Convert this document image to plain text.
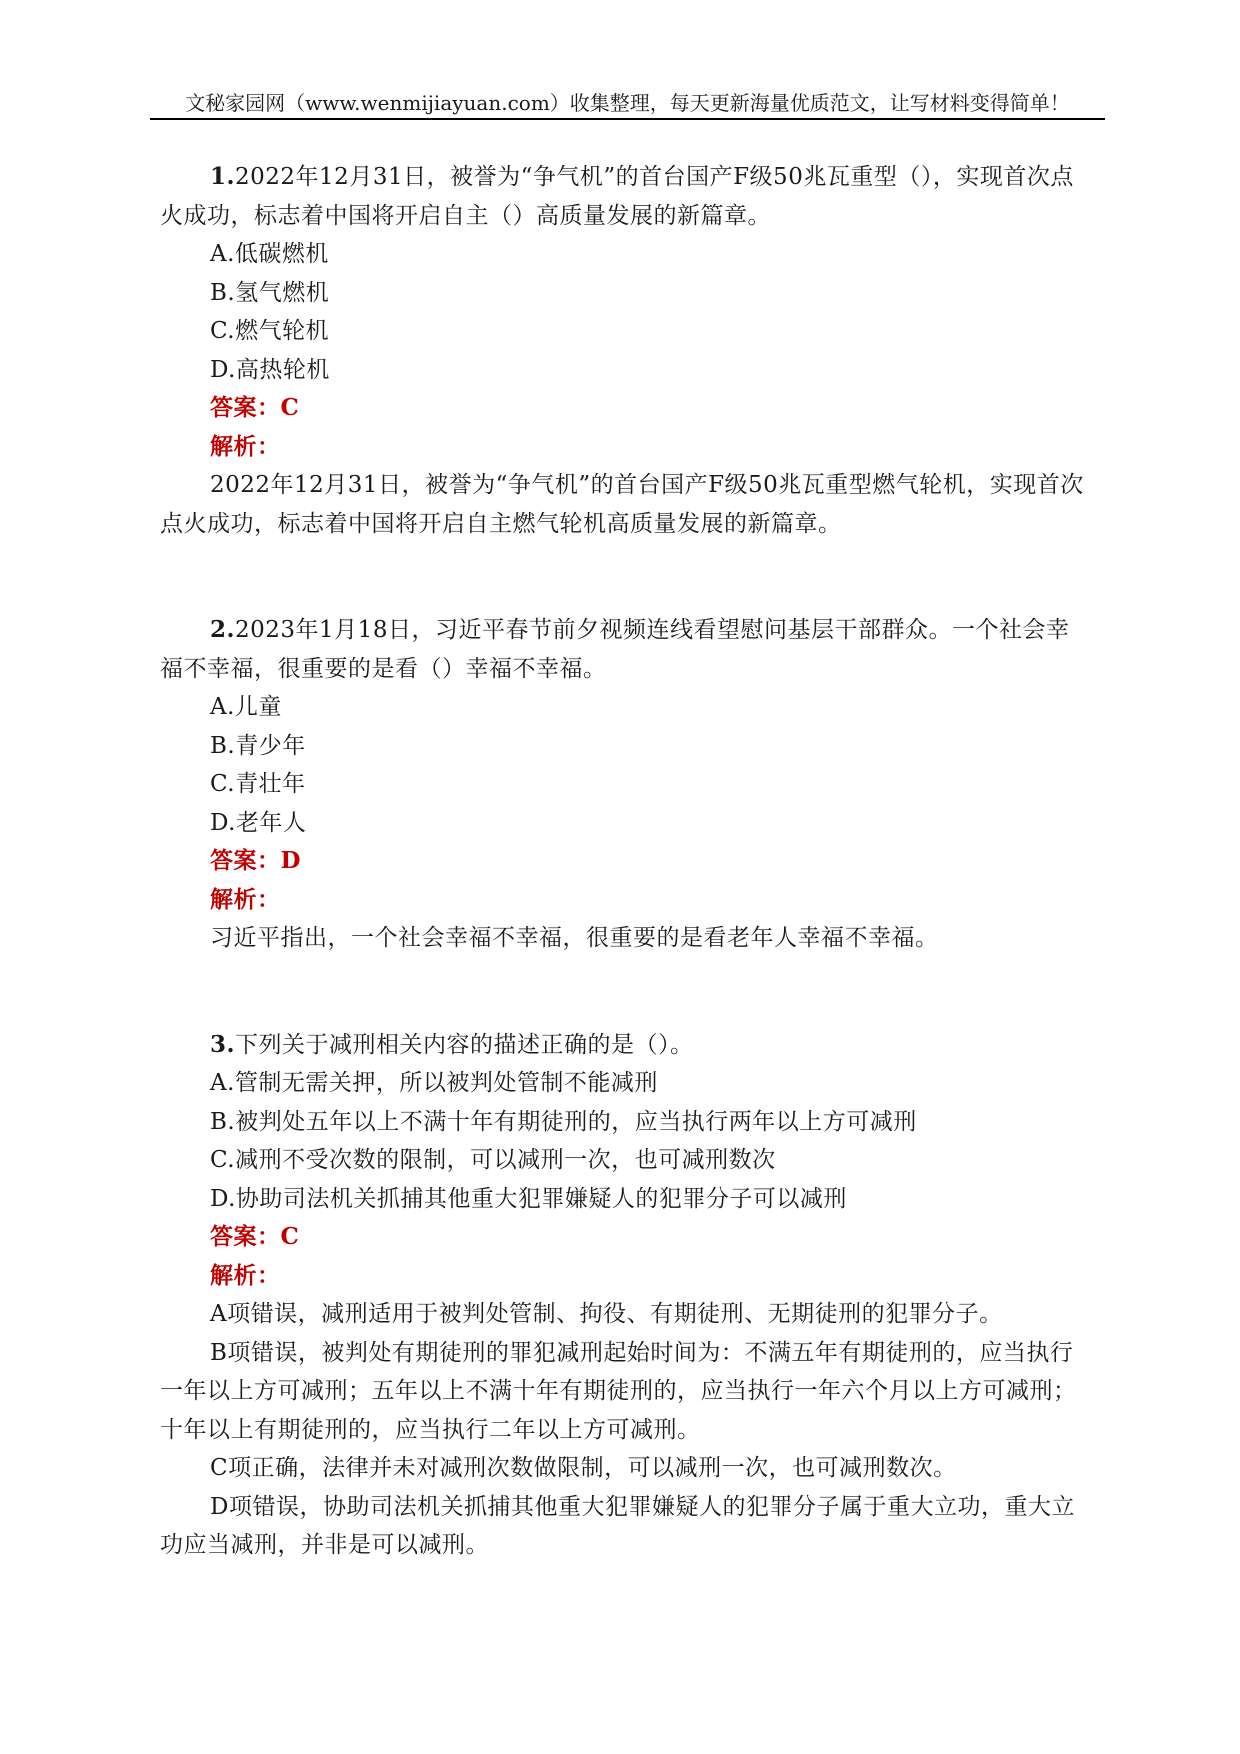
文秘家园网（www.wenmijiayuan.com）收集整理，每天更新海量优质范文，让写材料变得简单！
1.2022年12月31日，被誉为“争气机”的首台国产F级50兆瓦重型（），实现首次点火成功，标志着中国将开启自主（）高质量发展的新篇章。
A.低碳燃机
B.氢气燃机
C.燃气轮机
D.高热轮机
答案：C
解析：
2022年12月31日，被誉为“争气机”的首台国产F级50兆瓦重型燃气轮机，实现首次点火成功，标志着中国将开启自主燃气轮机高质量发展的新篇章。
2.2023年1月18日，习近平春节前夕视频连线看望慰问基层干部群众。一个社会幸福不幸福，很重要的是看（）幸福不幸福。
A.儿童
B.青少年
C.青壮年
D.老年人
答案：D
解析：
习近平指出，一个社会幸福不幸福，很重要的是看老年人幸福不幸福。
3.下列关于减刑相关内容的描述正确的是（）。
A.管制无需关押，所以被判处管制不能减刑
B.被判处五年以上不满十年有期徒刑的，应当执行两年以上方可减刑
C.减刑不受次数的限制，可以减刑一次，也可减刑数次
D.协助司法机关抓捕其他重大犯罪嫌疑人的犯罪分子可以减刑
答案：C
解析：
A项错误，减刑适用于被判处管制、拘役、有期徒刑、无期徒刑的犯罪分子。
B项错误，被判处有期徒刑的罪犯减刑起始时间为：不满五年有期徒刑的，应当执行一年以上方可减刑；五年以上不满十年有期徒刑的，应当执行一年六个月以上方可减刑；十年以上有期徒刑的，应当执行二年以上方可减刑。
C项正确，法律并未对减刑次数做限制，可以减刑一次，也可减刑数次。
D项错误，协助司法机关抓捕其他重大犯罪嫌疑人的犯罪分子属于重大立功，重大立功应当减刑，并非是可以减刑。
